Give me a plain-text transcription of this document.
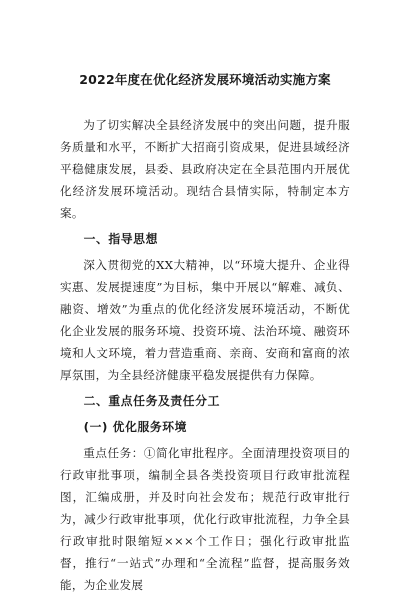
2022年度在优化经济发展环境活动实施方案

为了切实解决全县经济发展中的突出问题，提升服务质量和水平，不断扩大招商引资成果，促进县域经济平稳健康发展，县委、县政府决定在全县范围内开展优化经济发展环境活动。现结合县情实际，特制定本方案。

一、指导思想

深入贯彻党的XX大精神，以“环境大提升、企业得实惠、发展提速度”为目标，集中开展以“解难、减负、融资、增效”为重点的优化经济发展环境活动，不断优化企业发展的服务环境、投资环境、法治环境、融资环境和人文环境，着力营造重商、亲商、安商和富商的浓厚氛围，为全县经济健康平稳发展提供有力保障。

二、重点任务及责任分工
(一) 优化服务环境

重点任务：①简化审批程序。全面清理投资项目的行政审批事项，编制全县各类投资项目行政审批流程图，汇编成册，并及时向社会发布；规范行政审批行为，减少行政审批事项，优化行政审批流程，力争全县行政审批时限缩短×××个工作日；强化行政审批监督，推行“一站式”办理和“全流程”监督，提高服务效能，为企业发展
